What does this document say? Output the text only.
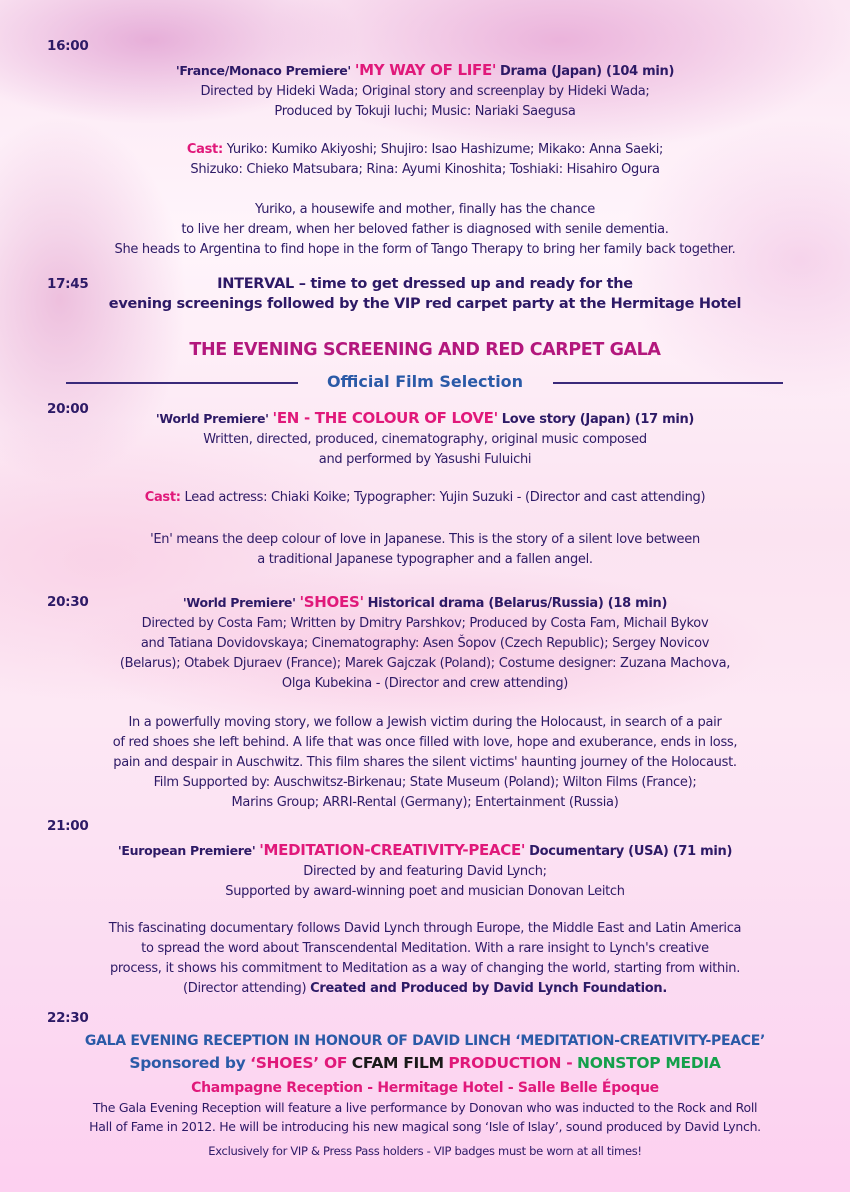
16:00
'France/Monaco Premiere' 'MY WAY OF LIFE' Drama (Japan) (104 min)
Directed by Hideki Wada; Original story and screenplay by Hideki Wada;
Produced by Tokuji Iuchi; Music: Nariaki Saegusa
Cast: Yuriko: Kumiko Akiyoshi; Shujiro: Isao Hashizume; Mikako: Anna Saeki;
Shizuko: Chieko Matsubara; Rina: Ayumi Kinoshita; Toshiaki: Hisahiro Ogura
Yuriko, a housewife and mother, finally has the chance
to live her dream, when her beloved father is diagnosed with senile dementia.
She heads to Argentina to find hope in the form of Tango Therapy to bring her family back together.
17:45	INTERVAL – time to get dressed up and ready for the
evening screenings followed by the VIP red carpet party at the Hermitage Hotel
THE EVENING SCREENING AND RED CARPET GALA
Official Film Selection
20:00
'World Premiere' 'EN - THE COLOUR OF LOVE' Love story (Japan) (17 min)
Written, directed, produced, cinematography, original music composed
and performed by Yasushi Fuluichi
Cast: Lead actress: Chiaki Koike; Typographer: Yujin Suzuki - (Director and cast attending)
'En' means the deep colour of love in Japanese. This is the story of a silent love between
a traditional Japanese typographer and a fallen angel.
20:30	'World Premiere' 'SHOES' Historical drama (Belarus/Russia) (18 min)
Directed by Costa Fam; Written by Dmitry Parshkov; Produced by Costa Fam, Michail Bykov
and Tatiana Dovidovskaya; Cinematography: Asen Šopov (Czech Republic); Sergey Novicov
(Belarus); Otabek Djuraev (France); Marek Gajczak (Poland); Costume designer: Zuzana Machova,
Olga Kubekina - (Director and crew attending)
In a powerfully moving story, we follow a Jewish victim during the Holocaust, in search of a pair
of red shoes she left behind. A life that was once filled with love, hope and exuberance, ends in loss,
pain and despair in Auschwitz. This film shares the silent victims' haunting journey of the Holocaust.
Film Supported by: Auschwitsz-Birkenau; State Museum (Poland); Wilton Films (France);
Marins Group; ARRI-Rental (Germany); Entertainment (Russia)
21:00
'European Premiere' 'MEDITATION-CREATIVITY-PEACE' Documentary (USA) (71 min)
Directed by and featuring David Lynch;
Supported by award-winning poet and musician Donovan Leitch
This fascinating documentary follows David Lynch through Europe, the Middle East and Latin America
to spread the word about Transcendental Meditation. With a rare insight to Lynch's creative
process, it shows his commitment to Meditation as a way of changing the world, starting from within.
(Director attending) Created and Produced by David Lynch Foundation.
22:30
GALA EVENING RECEPTION IN HONOUR OF DAVID LINCH ‘MEDITATION-CREATIVITY-PEACE’
Sponsored by ‘SHOES’ OF CFAM FILM PRODUCTION - NONSTOP MEDIA
Champagne Reception - Hermitage Hotel - Salle Belle Époque
The Gala Evening Reception will feature a live performance by Donovan who was inducted to the Rock and Roll
Hall of Fame in 2012. He will be introducing his new magical song ‘Isle of Islay’, sound produced by David Lynch.
Exclusively for VIP & Press Pass holders - VIP badges must be worn at all times!
